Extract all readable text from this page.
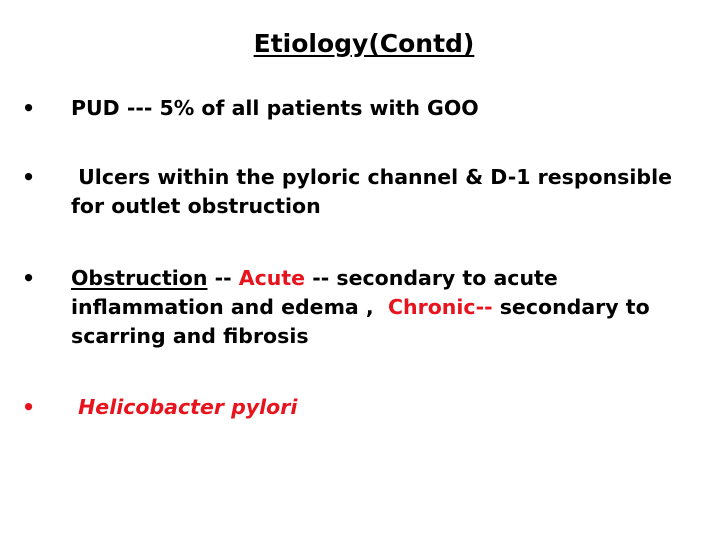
Etiology(Contd)
•	PUD --- 5% of all patients with GOO
•	Ulcers within the pyloric channel & D-1 responsible for outlet obstruction
•	Obstruction -- Acute -- secondary to acute inflammation and edema ,  Chronic-- secondary to scarring and fibrosis
•	Helicobacter pylori
